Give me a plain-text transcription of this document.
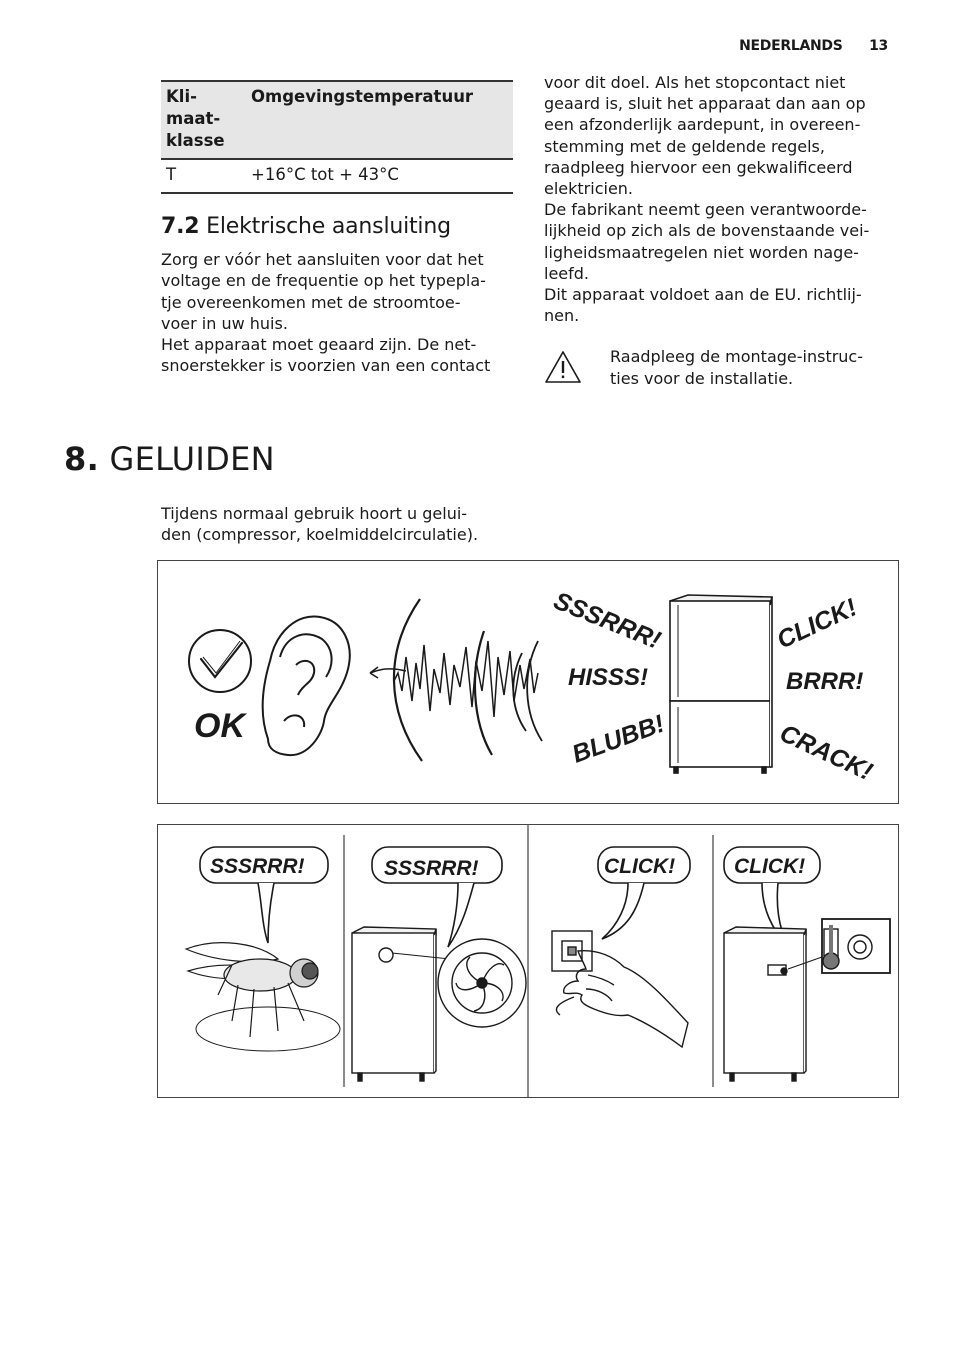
NEDERLANDS 13
Kli-
maat-
klasse	Omgevingstemperatuur
T	+16°C tot + 43°C
7.2 Elektrische aansluiting

Zorg er vóór het aansluiten voor dat het

voltage en de frequentie op het typepla-

tje overeenkomen met de stroomtoe-

voer in uw huis.

Het apparaat moet geaard zijn. De net-

snoerstekker is voorzien van een contact

voor dit doel. Als het stopcontact niet

geaard is, sluit het apparaat dan aan op

een afzonderlijk aardepunt, in overeen-

stemming met de geldende regels,

raadpleeg hiervoor een gekwalificeerd

elektricien.

De fabrikant neemt geen verantwoorde-

lijkheid op zich als de bovenstaande vei-

ligheidsmaatregelen niet worden nage-

leefd.

Dit apparaat voldoet aan de EU. richtlij-

nen.

Raadpleeg de montage-instruc-

ties voor de installatie.

8. GELUIDEN

Tijdens normaal gebruik hoort u gelui-

den (compressor, koelmiddelcirculatie).

OK
SSSRRR!
HISSS!
BLUBB!
CLICK!
BRRR!
CRACK!
SSSRRR!	SSSRRR!	CLICK!	CLICK!
